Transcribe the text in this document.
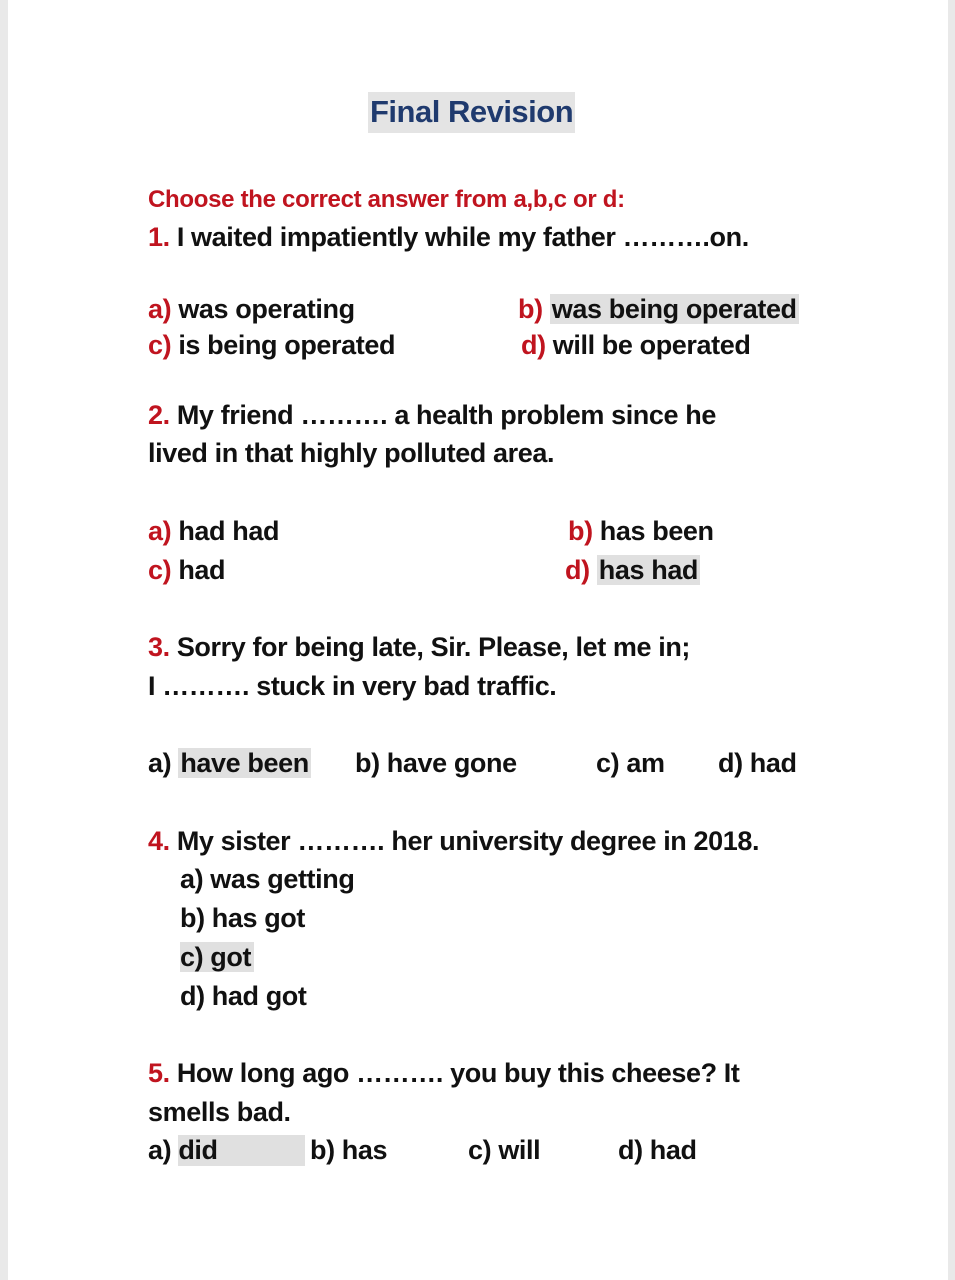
Final Revision
Choose the correct answer from a,b,c or d:
1. I waited impatiently while my father ……….on.
a) was operating	b) was being operated
c) is being operated	d) will be operated
2. My friend ………. a health problem since he
lived in that highly polluted area.
a) had had	b) has been
c) had	d) has had
3. Sorry for being late, Sir. Please, let me in;
I ………. stuck in very bad traffic.
a) have been b) have gone	c) am d) had
4. My sister ………. her university degree in 2018.
a) was getting
b) has got
c) got
d) had got
5. How long ago ………. you buy this cheese? It
smells bad.
a) did	b) has	c) will	d) had
